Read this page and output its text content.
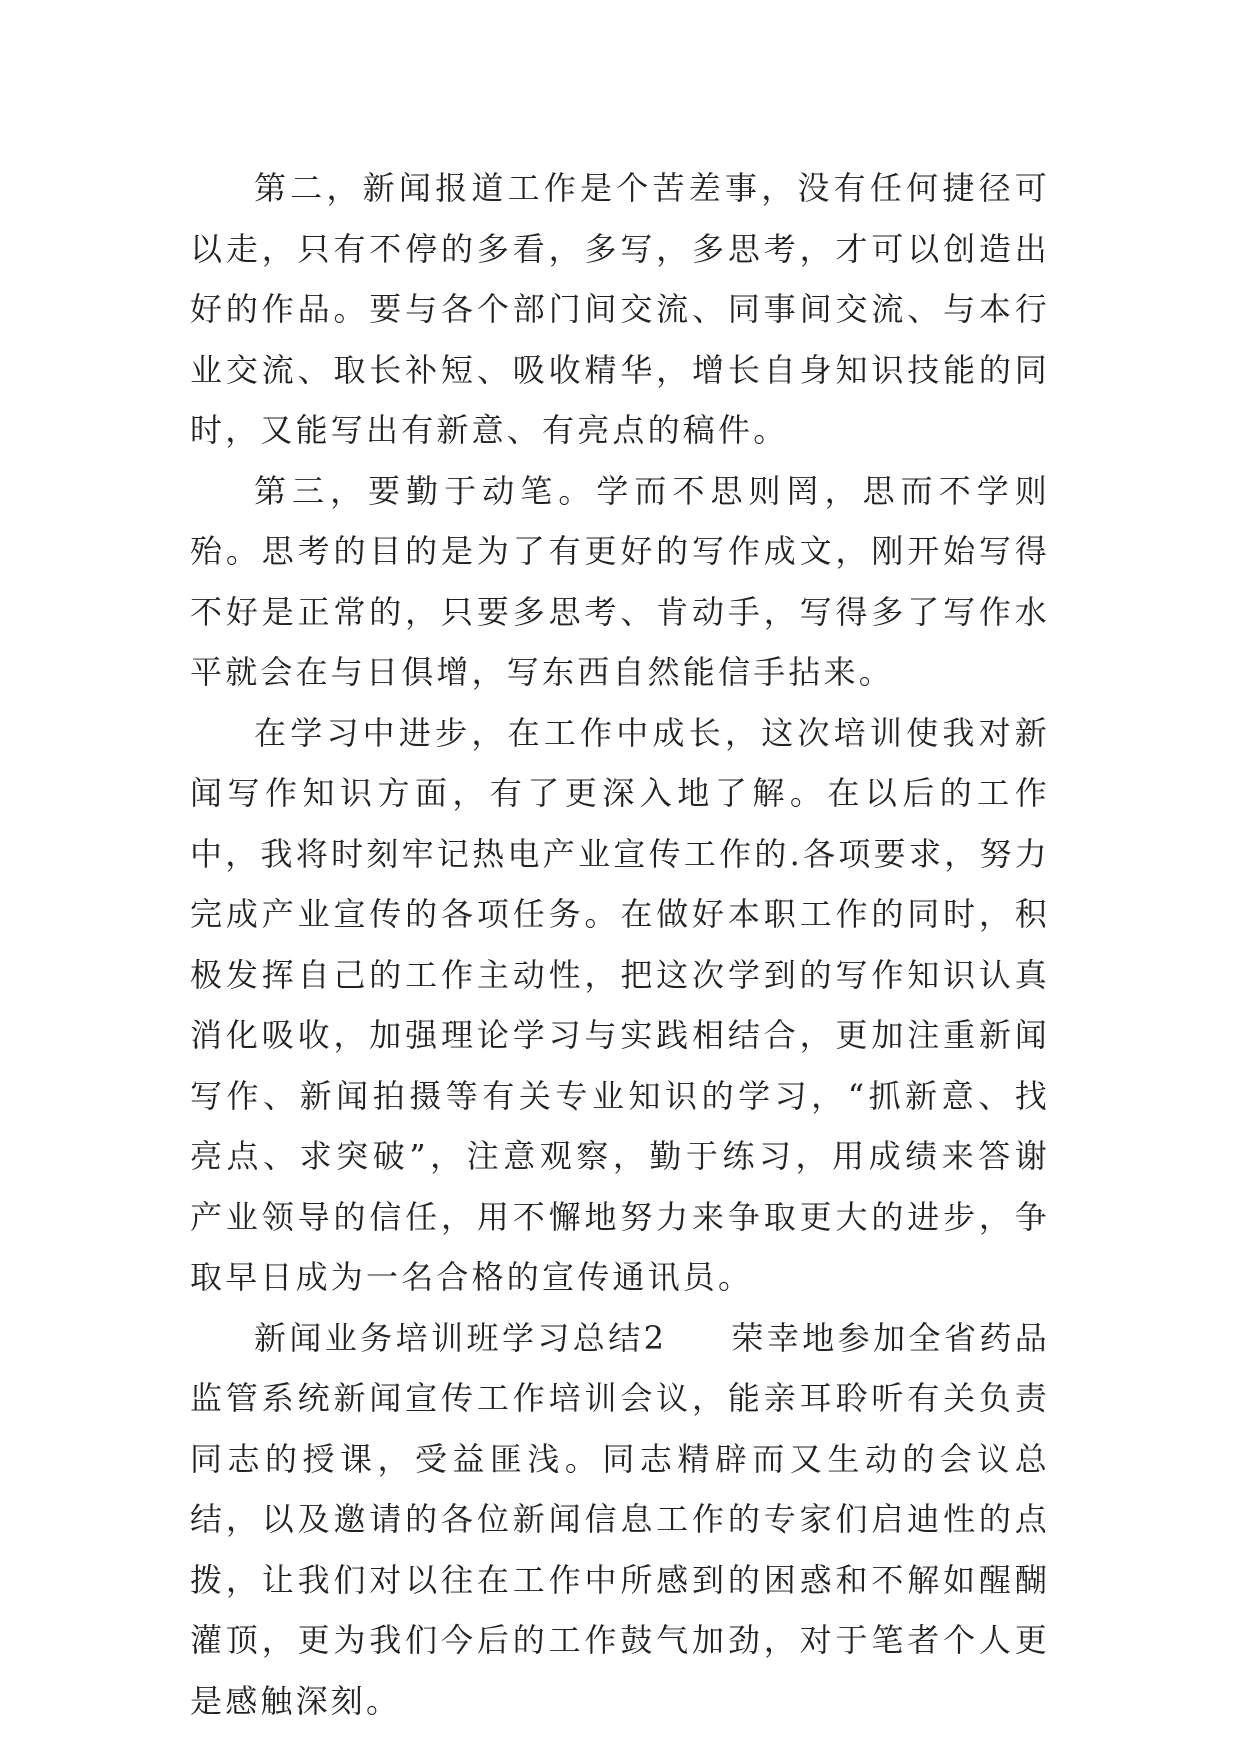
第二，新闻报道工作是个苦差事，没有任何捷径可以走，只有不停的多看，多写，多思考，才可以创造出好的作品。要与各个部门间交流、同事间交流、与本行业交流、取长补短、吸收精华，增长自身知识技能的同时，又能写出有新意、有亮点的稿件。

第三，要勤于动笔。学而不思则罔，思而不学则殆。思考的目的是为了有更好的写作成文，刚开始写得不好是正常的，只要多思考、肯动手，写得多了写作水平就会在与日俱增，写东西自然能信手拈来。

在学习中进步，在工作中成长，这次培训使我对新闻写作知识方面，有了更深入地了解。在以后的工作中，我将时刻牢记热电产业宣传工作的.各项要求，努力完成产业宣传的各项任务。在做好本职工作的同时，积极发挥自己的工作主动性，把这次学到的写作知识认真消化吸收，加强理论学习与实践相结合，更加注重新闻写作、新闻拍摄等有关专业知识的学习，“抓新意、找亮点、求突破”，注意观察，勤于练习，用成绩来答谢产业领导的信任，用不懈地努力来争取更大的进步，争取早日成为一名合格的宣传通讯员。

新闻业务培训班学习总结2 荣幸地参加全省药品监管系统新闻宣传工作培训会议，能亲耳聆听有关负责同志的授课，受益匪浅。同志精辟而又生动的会议总结，以及邀请的各位新闻信息工作的专家们启迪性的点拨，让我们对以往在工作中所感到的困惑和不解如醒醐灌顶，更为我们今后的工作鼓气加劲，对于笔者个人更是感触深刻。
